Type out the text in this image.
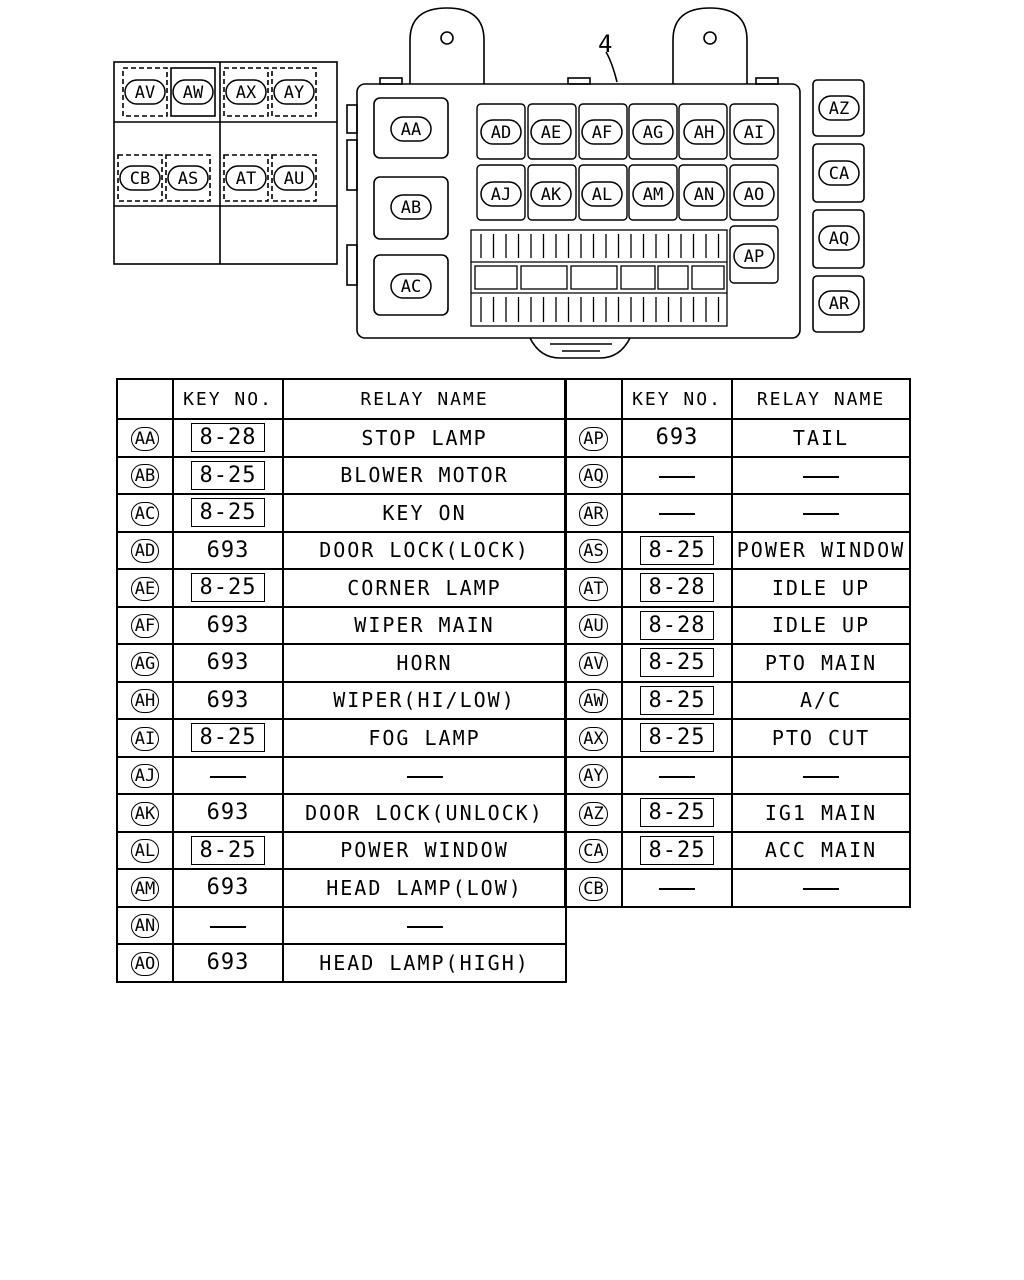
4
AV AW AX AY
CB AS AT AU
AA
AB
AC
AD AE AF AG AH AI
AJ AK AL AM AN AO
AP
AZ
CA
AQ
AR
	KEY NO.	RELAY NAME
AA	8-28	STOP LAMP
AB	8-25	BLOWER MOTOR
AC	8-25	KEY ON
AD	693	DOOR LOCK(LOCK)
AE	8-25	CORNER LAMP
AF	693	WIPER MAIN
AG	693	HORN
AH	693	WIPER(HI/LOW)
AI	8-25	FOG LAMP
AJ		
AK	693	DOOR LOCK(UNLOCK)
AL	8-25	POWER WINDOW
AM	693	HEAD LAMP(LOW)
AN		
AO	693	HEAD LAMP(HIGH)
	KEY NO.	RELAY NAME
AP	693	TAIL
AQ		
AR		
AS	8-25	POWER WINDOW
AT	8-28	IDLE UP
AU	8-28	IDLE UP
AV	8-25	PTO MAIN
AW	8-25	A/C
AX	8-25	PTO CUT
AY		
AZ	8-25	IG1 MAIN
CA	8-25	ACC MAIN
CB		
